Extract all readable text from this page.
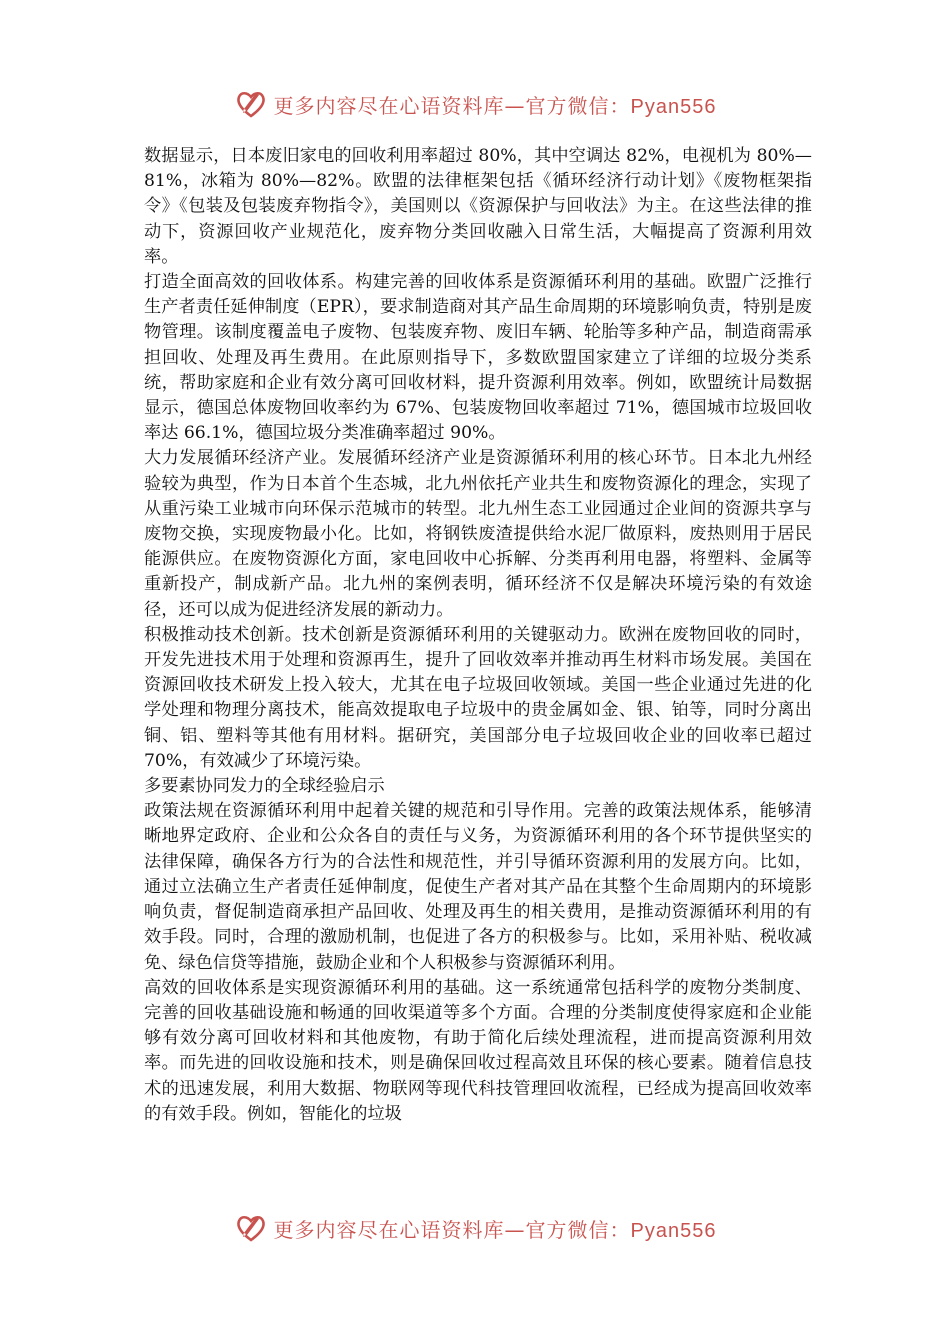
更多内容尽在心语资料库—官方微信：Pyan556

数据显示，日本废旧家电的回收利用率超过 80%，其中空调达 82%，电视机为 80%—81%，冰箱为 80%—82%。欧盟的法律框架包括《循环经济行动计划》《废物框架指令》《包装及包装废弃物指令》，美国则以《资源保护与回收法》为主。在这些法律的推动下，资源回收产业规范化，废弃物分类回收融入日常生活，大幅提高了资源利用效率。

打造全面高效的回收体系。构建完善的回收体系是资源循环利用的基础。欧盟广泛推行生产者责任延伸制度（EPR），要求制造商对其产品生命周期的环境影响负责，特别是废物管理。该制度覆盖电子废物、包装废弃物、废旧车辆、轮胎等多种产品，制造商需承担回收、处理及再生费用。在此原则指导下，多数欧盟国家建立了详细的垃圾分类系统，帮助家庭和企业有效分离可回收材料，提升资源利用效率。例如，欧盟统计局数据显示，德国总体废物回收率约为 67%、包装废物回收率超过 71%，德国城市垃圾回收率达 66.1%，德国垃圾分类准确率超过 90%。

大力发展循环经济产业。发展循环经济产业是资源循环利用的核心环节。日本北九州经验较为典型，作为日本首个生态城，北九州依托产业共生和废物资源化的理念，实现了从重污染工业城市向环保示范城市的转型。北九州生态工业园通过企业间的资源共享与废物交换，实现废物最小化。比如，将钢铁废渣提供给水泥厂做原料，废热则用于居民能源供应。在废物资源化方面，家电回收中心拆解、分类再利用电器，将塑料、金属等重新投产，制成新产品。北九州的案例表明，循环经济不仅是解决环境污染的有效途径，还可以成为促进经济发展的新动力。

积极推动技术创新。技术创新是资源循环利用的关键驱动力。欧洲在废物回收的同时，开发先进技术用于处理和资源再生，提升了回收效率并推动再生材料市场发展。美国在资源回收技术研发上投入较大，尤其在电子垃圾回收领域。美国一些企业通过先进的化学处理和物理分离技术，能高效提取电子垃圾中的贵金属如金、银、铂等，同时分离出铜、铝、塑料等其他有用材料。据研究，美国部分电子垃圾回收企业的回收率已超过 70%，有效减少了环境污染。

多要素协同发力的全球经验启示

政策法规在资源循环利用中起着关键的规范和引导作用。完善的政策法规体系，能够清晰地界定政府、企业和公众各自的责任与义务，为资源循环利用的各个环节提供坚实的法律保障，确保各方行为的合法性和规范性，并引导循环资源利用的发展方向。比如，通过立法确立生产者责任延伸制度，促使生产者对其产品在其整个生命周期内的环境影响负责，督促制造商承担产品回收、处理及再生的相关费用，是推动资源循环利用的有效手段。同时，合理的激励机制，也促进了各方的积极参与。比如，采用补贴、税收减免、绿色信贷等措施，鼓励企业和个人积极参与资源循环利用。

高效的回收体系是实现资源循环利用的基础。这一系统通常包括科学的废物分类制度、完善的回收基础设施和畅通的回收渠道等多个方面。合理的分类制度使得家庭和企业能够有效分离可回收材料和其他废物，有助于简化后续处理流程，进而提高资源利用效率。而先进的回收设施和技术，则是确保回收过程高效且环保的核心要素。随着信息技术的迅速发展，利用大数据、物联网等现代科技管理回收流程，已经成为提高回收效率的有效手段。例如，智能化的垃圾

更多内容尽在心语资料库—官方微信：Pyan556
